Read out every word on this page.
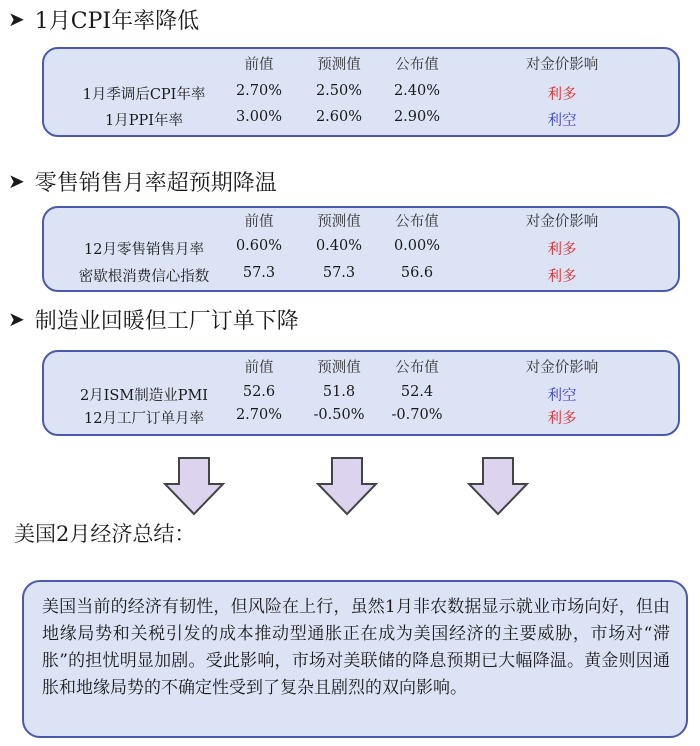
➤ 1月CPI年率降低
前值	预测值 公布值	对金价影响
1月季调后CPI年率 2.70% 2.50% 2.40%	利多
1月PPI年率	3.00% 2.60% 2.90%	利空
➤ 零售销售月率超预期降温
前值	预测值 公布值	对金价影响
12月零售销售月率 0.60% 0.40% 0.00%	利多
密歇根消费信心指数 57.3	57.3	56.6	利多
➤ 制造业回暖但工厂订单下降
前值	预测值 公布值	对金价影响
2月ISM制造业PMI 52.6	51.8	52.4	利空
12月工厂订单月率 2.70% -0.50% -0.70%	利多
美国2月经济总结：
美国当前的经济有韧性，但风险在上行，虽然1月非农数据显示就业市场向好，但由地缘局势和关税引发的成本推动型通胀正在成为美国经济的主要威胁，市场对“滞胀”的担忧明显加剧。受此影响，市场对美联储的降息预期已大幅降温。黄金则因通胀和地缘局势的不确定性受到了复杂且剧烈的双向影响。
